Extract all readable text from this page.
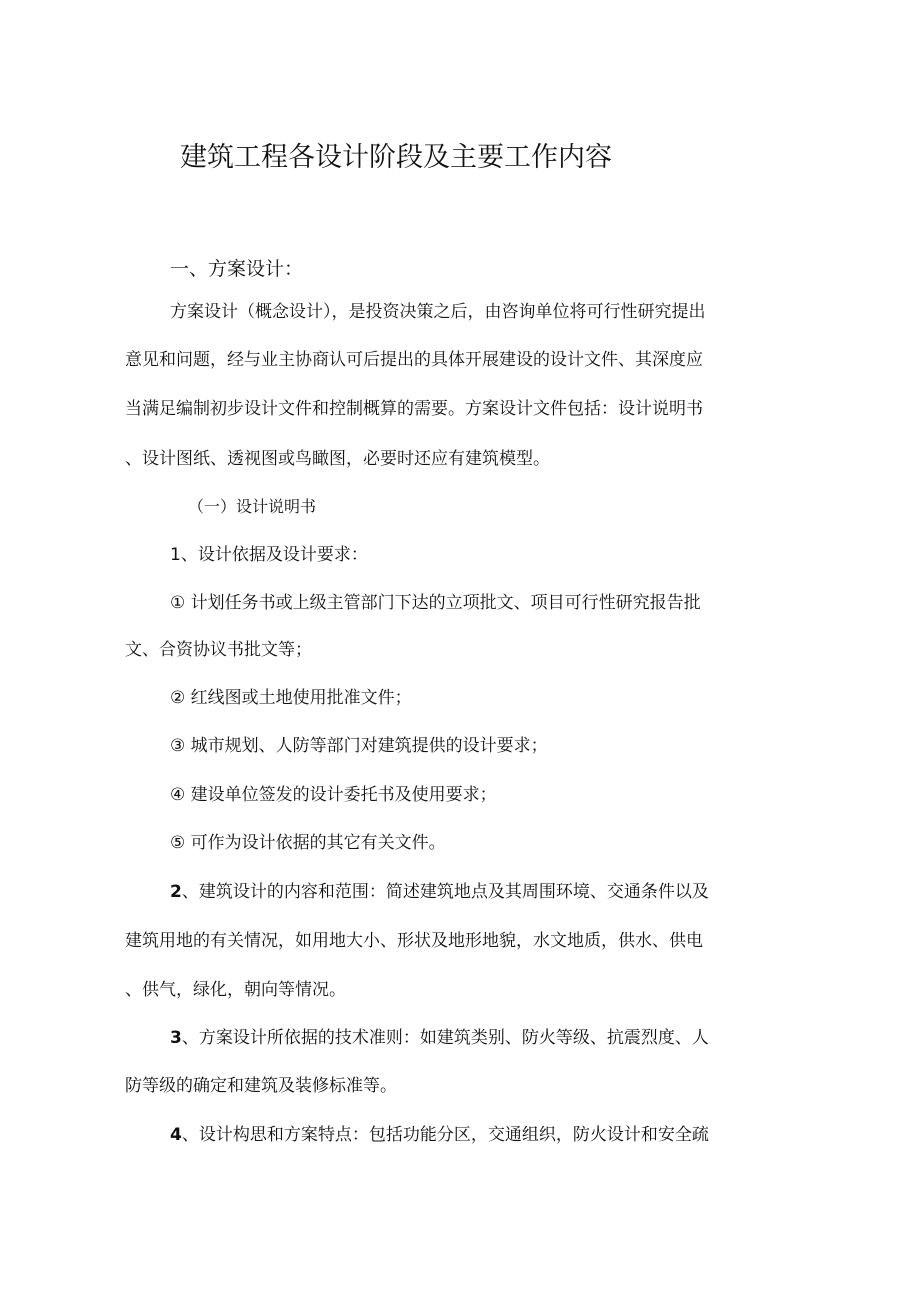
建筑工程各设计阶段及主要工作内容
一、方案设计：
方案设计（概念设计），是投资决策之后，由咨询单位将可行性研究提出
意见和问题，经与业主协商认可后提出的具体开展建设的设计文件、其深度应
当满足编制初步设计文件和控制概算的需要。方案设计文件包括：设计说明书
、设计图纸、透视图或鸟瞰图，必要时还应有建筑模型。
（一）设计说明书
1、设计依据及设计要求：
① 计划任务书或上级主管部门下达的立项批文、项目可行性研究报告批
文、合资协议书批文等；
② 红线图或土地使用批准文件；
③ 城市规划、人防等部门对建筑提供的设计要求；
④ 建设单位签发的设计委托书及使用要求；
⑤ 可作为设计依据的其它有关文件。
2、建筑设计的内容和范围：简述建筑地点及其周围环境、交通条件以及
建筑用地的有关情况，如用地大小、形状及地形地貌，水文地质，供水、供电
、供气，绿化，朝向等情况。
3、方案设计所依据的技术准则：如建筑类别、防火等级、抗震烈度、人
防等级的确定和建筑及装修标准等。
4、设计构思和方案特点：包括功能分区，交通组织，防火设计和安全疏
